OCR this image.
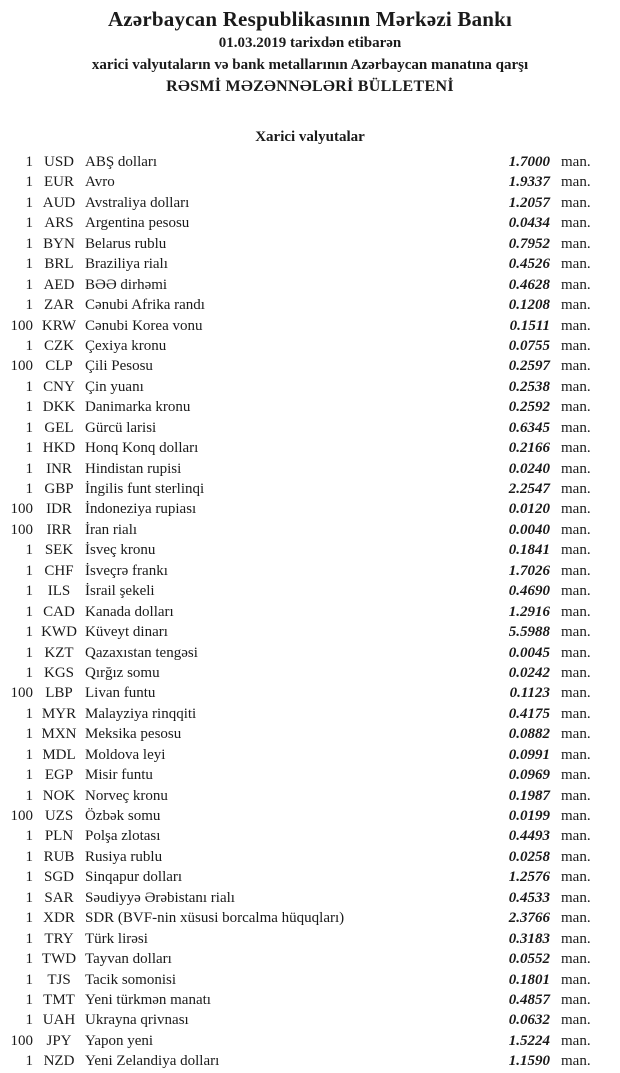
Azərbaycan Respublikasının Mərkəzi Bankı
01.03.2019 tarixdən etibarən
xarici valyutaların və bank metallarının Azərbaycan manatına qarşı
RƏSMİ MƏZƏNNƏLƏRİ BÜLLETENİ
Xarici valyutalar
1 USD ABŞ dolları	1.7000 man.
1 EUR Avro	1.9337 man.
1 AUD Avstraliya dolları	1.2057 man.
1 ARS Argentina pesosu	0.0434 man.
1 BYN Belarus rublu	0.7952 man.
1 BRL Braziliya rialı	0.4526 man.
1 AED BƏƏ dirhəmi	0.4628 man.
1 ZAR Cənubi Afrika randı	0.1208 man.
100 KRW Cənubi Korea vonu	0.1511 man.
1 CZK Çexiya kronu	0.0755 man.
100 CLP Çili Pesosu	0.2597 man.
1 CNY Çin yuanı	0.2538 man.
1 DKK Danimarka kronu	0.2592 man.
1 GEL Gürcü larisi	0.6345 man.
1 HKD Honq Konq dolları	0.2166 man.
1 INR Hindistan rupisi	0.0240 man.
1 GBP İngilis funt sterlinqi	2.2547 man.
100 IDR İndoneziya rupiası	0.0120 man.
100 IRR İran rialı	0.0040 man.
1 SEK İsveç kronu	0.1841 man.
1 CHF İsveçrə frankı	1.7026 man.
1 ILS İsrail şekeli	0.4690 man.
1 CAD Kanada dolları	1.2916 man.
1 KWD Küveyt dinarı	5.5988 man.
1 KZT Qazaxıstan tengəsi	0.0045 man.
1 KGS Qırğız somu	0.0242 man.
100 LBP Livan funtu	0.1123 man.
1 MYR Malayziya rinqqiti	0.4175 man.
1 MXN Meksika pesosu	0.0882 man.
1 MDL Moldova leyi	0.0991 man.
1 EGP Misir funtu	0.0969 man.
1 NOK Norveç kronu	0.1987 man.
100 UZS Özbək somu	0.0199 man.
1 PLN Polşa zlotası	0.4493 man.
1 RUB Rusiya rublu	0.0258 man.
1 SGD Sinqapur dolları	1.2576 man.
1 SAR Səudiyyə Ərəbistanı rialı	0.4533 man.
1 XDR SDR (BVF-nin xüsusi borcalma hüquqları)	2.3766 man.
1 TRY Türk lirəsi	0.3183 man.
1 TWD Tayvan dolları	0.0552 man.
1 TJS Tacik somonisi	0.1801 man.
1 TMT Yeni türkmən manatı	0.4857 man.
1 UAH Ukrayna qrivnası	0.0632 man.
100 JPY Yapon yeni	1.5224 man.
1 NZD Yeni Zelandiya dolları	1.1590 man.
